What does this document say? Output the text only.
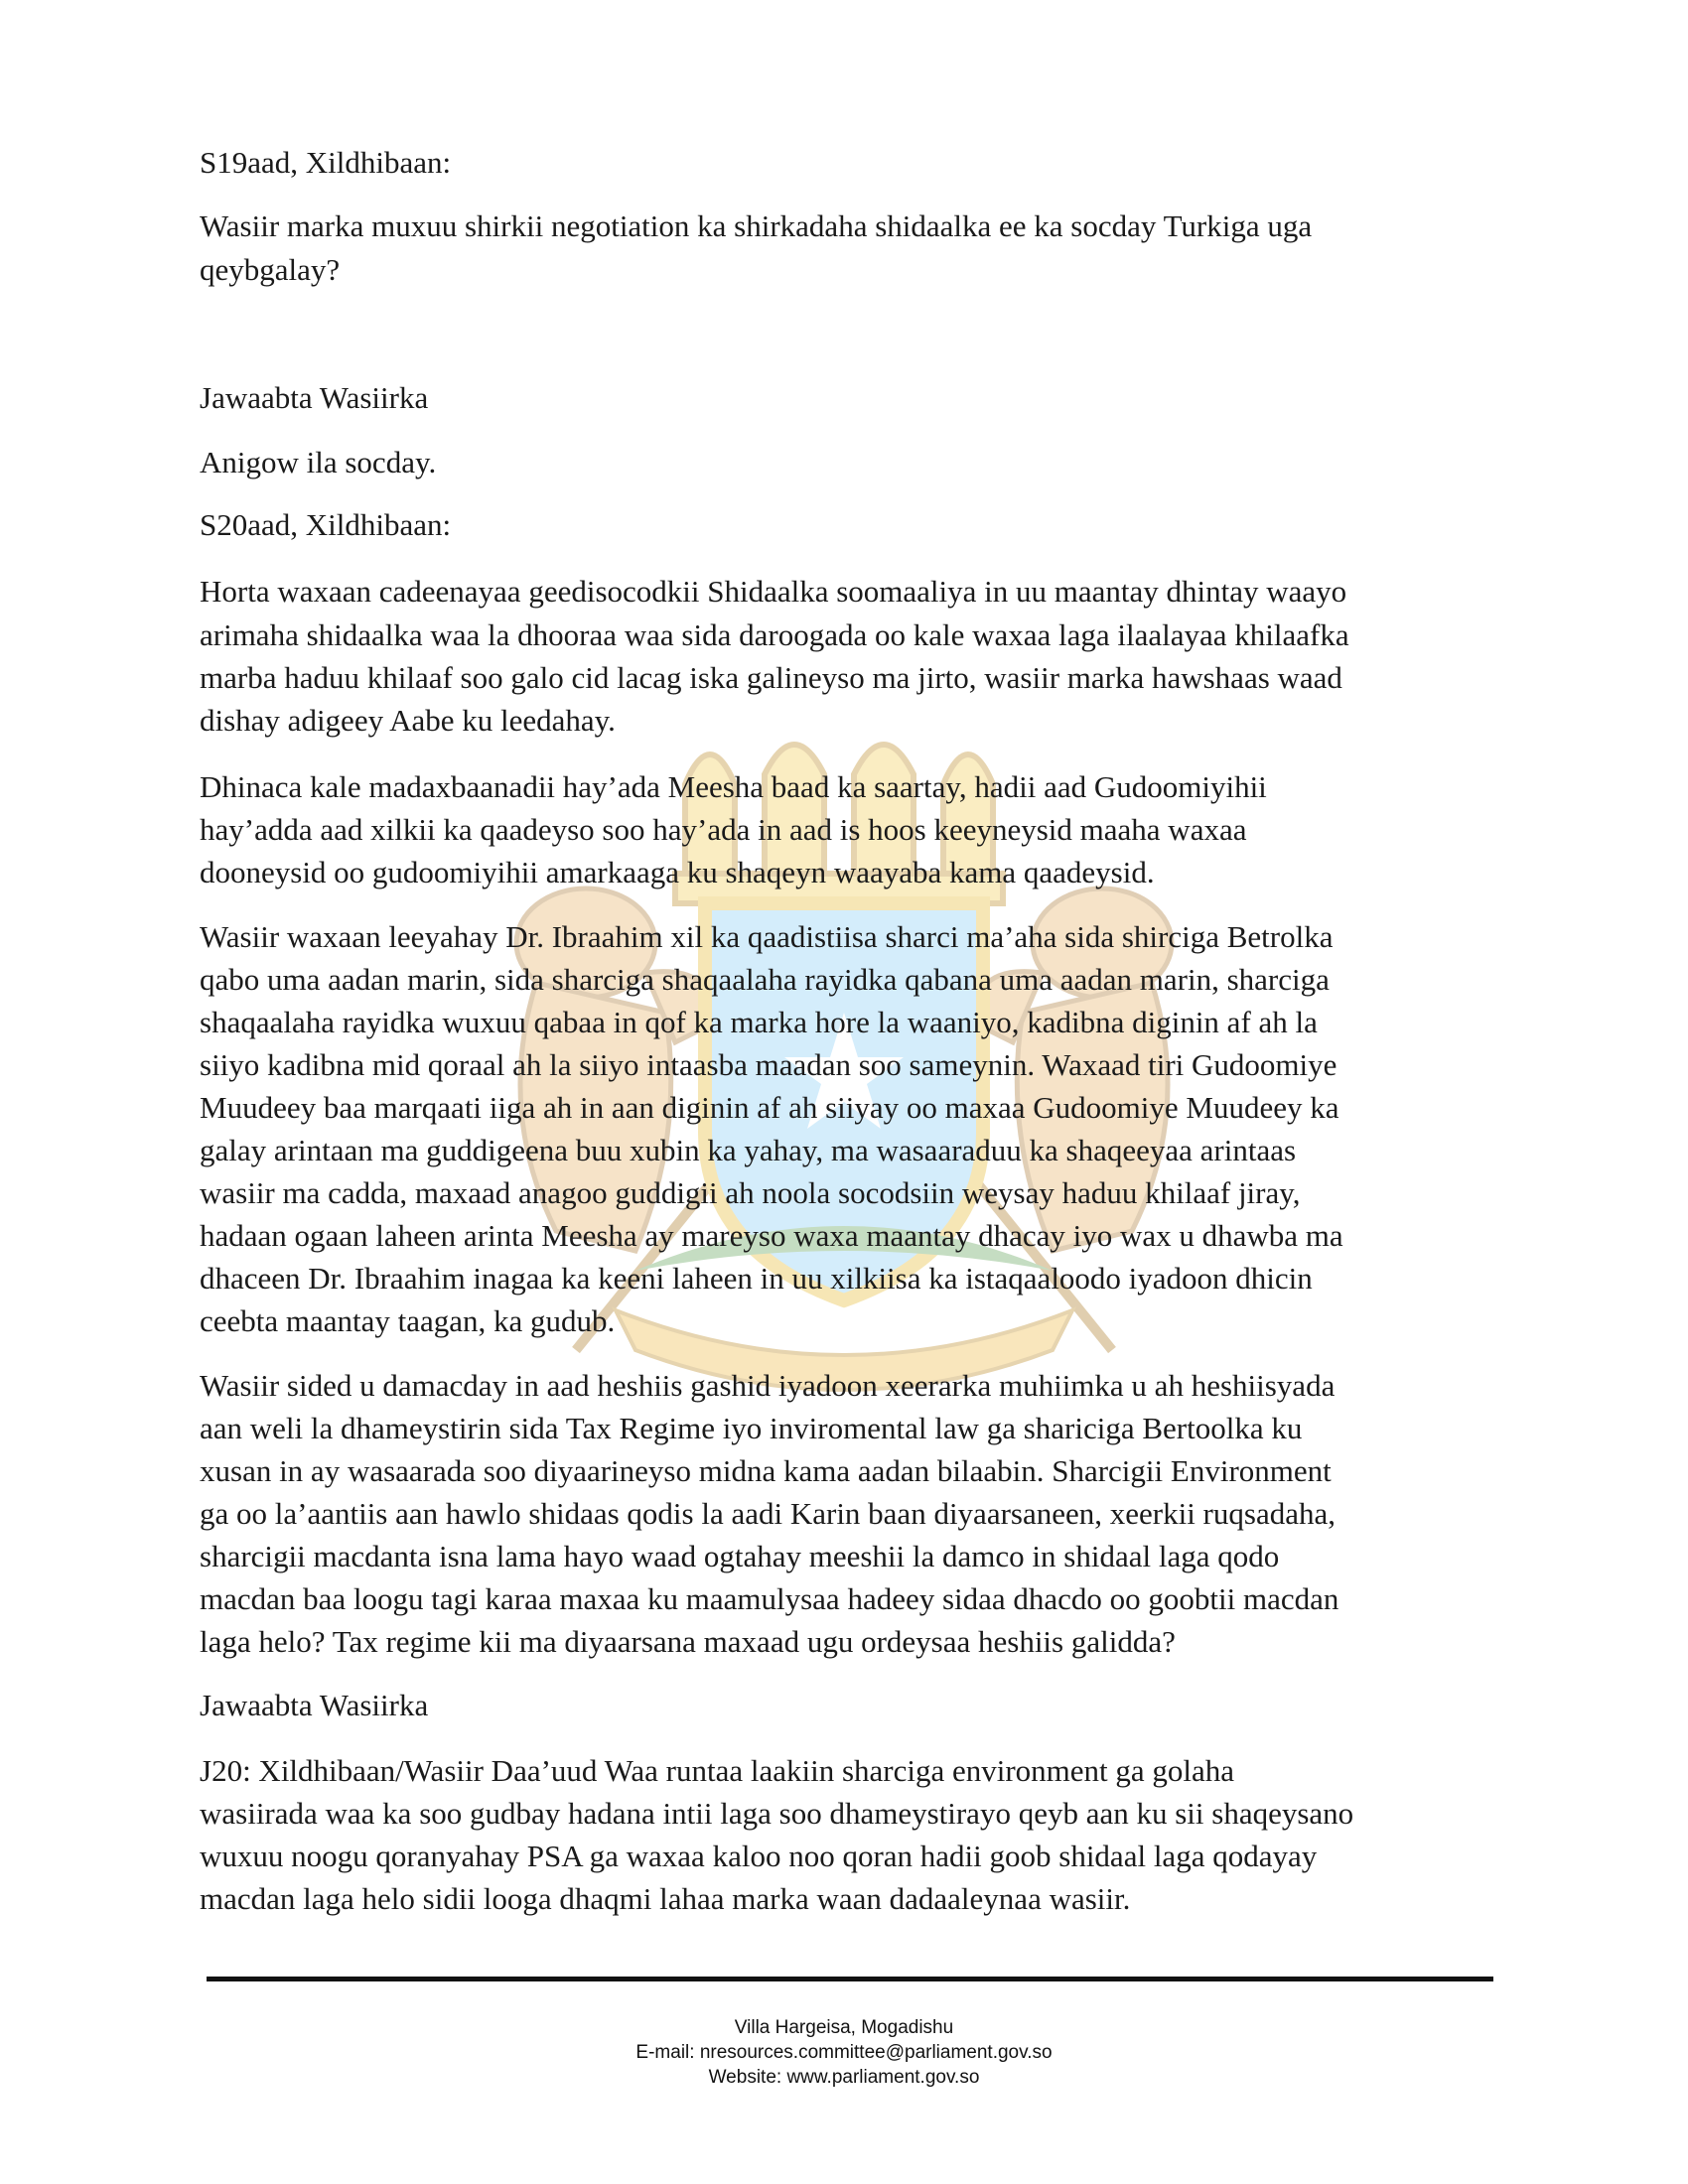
S19aad, Xildhibaan:
Wasiir marka muxuu shirkii negotiation ka shirkadaha shidaalka ee ka socday Turkiga uga
qeybgalay?
Jawaabta Wasiirka
Anigow ila socday.
S20aad, Xildhibaan:
Horta waxaan cadeenayaa geedisocodkii Shidaalka soomaaliya in uu maantay dhintay waayo
arimaha shidaalka waa la dhooraa waa sida daroogada oo kale waxaa laga ilaalayaa khilaafka
marba haduu khilaaf soo galo cid lacag iska galineyso ma jirto, wasiir marka hawshaas waad
dishay adigeey Aabe ku leedahay.
Dhinaca kale madaxbaanadii hay’ada Meesha baad ka saartay, hadii aad Gudoomiyihii
hay’adda aad xilkii ka qaadeyso soo hay’ada in aad is hoos keeyneysid maaha waxaa
dooneysid oo gudoomiyihii amarkaaga ku shaqeyn waayaba kama qaadeysid.
Wasiir waxaan leeyahay Dr. Ibraahim xil ka qaadistiisa sharci ma’aha sida shirciga Betrolka
qabo uma aadan marin, sida sharciga shaqaalaha rayidka qabana uma aadan marin, sharciga
shaqaalaha rayidka wuxuu qabaa in qof ka marka hore la waaniyo, kadibna diginin af ah la
siiyo kadibna mid qoraal ah la siiyo intaasba maadan soo sameynin. Waxaad tiri Gudoomiye
Muudeey baa marqaati iiga ah in aan diginin af ah siiyay oo maxaa Gudoomiye Muudeey ka
galay arintaan ma guddigeena buu xubin ka yahay, ma wasaaraduu ka shaqeeyaa arintaas
wasiir ma cadda, maxaad anagoo guddigii ah noola socodsiin weysay haduu khilaaf jiray,
hadaan ogaan laheen arinta Meesha ay mareyso waxa maantay dhacay iyo wax u dhawba ma
dhaceen Dr. Ibraahim inagaa ka keeni laheen in uu xilkiisa ka istaqaaloodo iyadoon dhicin
ceebta maantay taagan, ka gudub.
Wasiir sided u damacday in aad heshiis gashid iyadoon xeerarka muhiimka u ah heshiisyada
aan weli la dhameystirin sida Tax Regime iyo inviromental law ga shariciga Bertoolka ku
xusan in ay wasaarada soo diyaarineyso midna kama aadan bilaabin. Sharcigii Environment
ga oo la’aantiis aan hawlo shidaas qodis la aadi Karin baan diyaarsaneen, xeerkii ruqsadaha,
sharcigii macdanta isna lama hayo waad ogtahay meeshii la damco in shidaal laga qodo
macdan baa loogu tagi karaa maxaa ku maamulysaa hadeey sidaa dhacdo oo goobtii macdan
laga helo? Tax regime kii ma diyaarsana maxaad ugu ordeysaa heshiis galidda?
Jawaabta Wasiirka
J20: Xildhibaan/Wasiir Daa’uud Waa runtaa laakiin sharciga environment ga golaha
wasiirada waa ka soo gudbay hadana intii laga soo dhameystirayo qeyb aan ku sii shaqeysano
wuxuu noogu qoranyahay PSA ga waxaa kaloo noo qoran hadii goob shidaal laga qodayay
macdan laga helo sidii looga dhaqmi lahaa marka waan dadaaleynaa wasiir.
Villa Hargeisa, Mogadishu
E-mail: nresources.committee@parliament.gov.so
Website: www.parliament.gov.so
